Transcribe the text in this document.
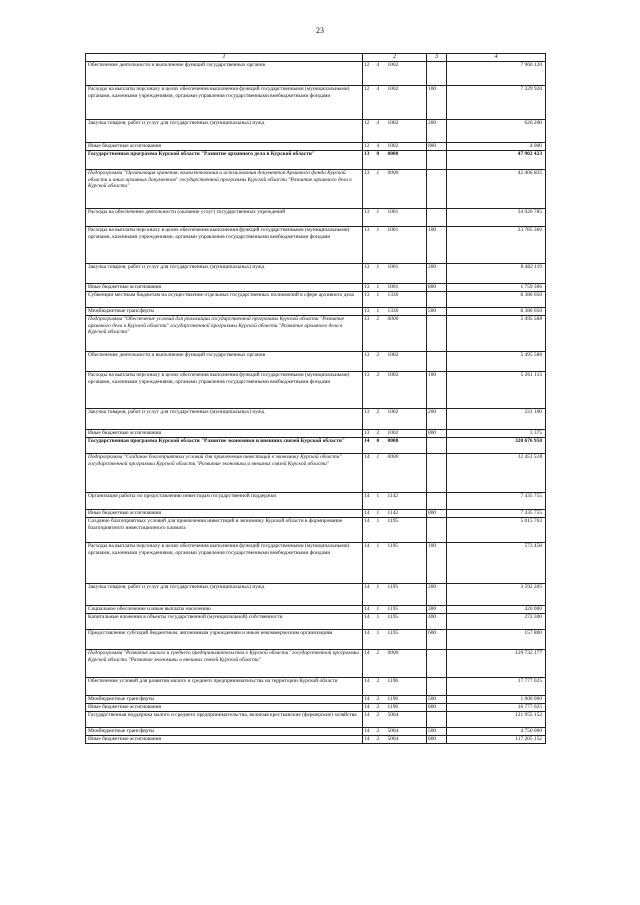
23
1	2			3	4
Обеспечение деятельности и выполнение функций государственных органов	12	4	1002		7 960 120
Расходы на выплаты персоналу в целях обеспечения выполнения функций государственными (муниципальными) органами, казенными учреждениями, органами управления государственными внебюджетными фондами	12	4	1002	100	7 329 920
Закупка товаров, работ и услуг для государственных (муниципальных) нужд	12	4	1002	200	626 200
Иные бюджетные ассигнования	12	4	1002	800	4 000
Государственная программа Курской области "Развитие архивного дела в Курской области"	13	0	0000		47 902 423
Подпрограмма "Организация хранения, комплектования и использования документов Архивного фонда Курской области и иных архивных документов" государственной программы Курской области "Развитие архивного дела в Курской области"	13	1	0000		42 406 835
Расходы на обеспечение деятельности (оказание услуг) государственных учреждений	13	1	1001		34 026 785
Расходы на выплаты персоналу в целях обеспечения выполнения функций государственными (муниципальными) органами, казенными учреждениями, органами управления государственными внебюджетными фондами	13	1	1001	100	23 785 360
Закупка товаров, работ и услуг для государственных (муниципальных) нужд	13	1	1001	200	8 482 119
Иные бюджетные ассигнования	13	1	1001	800	1 759 306
Субвенции местным бюджетам на осуществление отдельных государственных полномочий в сфере архивного дела	13	1	1336		8 380 050
Межбюджетные трансферты	13	1	1336	500	8 380 050
Подпрограмма "Обеспечение условий для реализации государственной программы Курской области "Развитие архивного дела в Курской области" государственной программы Курской области "Развитие архивного дела в Курской области"	13	2	0000		5 495 588
Обеспечение деятельности и выполнение функций государственных органов	13	2	1002		5 495 588
Расходы на выплаты персоналу в целях обеспечения выполнения функций государственными (муниципальными) органами, казенными учреждениями, органами управления государственными внебюджетными фондами	13	2	1002	100	5 261 113
Закупка товаров, работ и услуг для государственных (муниципальных) нужд	13	2	1002	200	231 100
Иные бюджетные ассигнования	13	2	1002	800	3 375
Государственная программа Курской области "Развитие экономики и внешних связей Курской области"	14	0	0000		320 676 958
Подпрограмма "Создание благоприятных условий для привлечения инвестиций в экономику Курской области" государственной программы Курской области "Развитие экономики и внешних связей Курской области"	14	1	0000		12 451 518
Организация работы по предоставлению инвесторам государственной поддержки	14	1	1142		7 435 755
Иные бюджетные ассигнования	14	1	1142	800	7 435 755
Создание благоприятных условий для привлечения инвестиций в экономику Курской области в формирование благоприятного инвестиционного климата	14	1	1195		5 015 763
Расходы на выплаты персоналу в целях обеспечения выполнения функций государственными (муниципальными) органами, казенными учреждениями, органами управления государственными внебюджетными фондами	14	1	1195	100	573 458
Закупка товаров, работ и услуг для государственных (муниципальных) нужд	14	1	1195	200	3 592 205
Социальное обеспечение и иные выплаты населению	14	1	1195	300	420 000
Капитальные вложения в объекты государственной (муниципальной) собственности	14	1	1195	400	272 300
Предоставление субсидий бюджетным, автономным учреждениям и иным некоммерческим организациям	14	1	1195	600	157 800
Подпрограмма "Развитие малого и среднего предпринимательства в Курской области" государственной программы Курской области "Развитие экономики и внешних связей Курской области"	14	2	0000		139 732 177
Обеспечение условий для развития малого и среднего предпринимательства на территории Курской области	14	2	1196		17 777 025
Межбюджетные трансферты	14	2	1196	500	1 000 000
Иные бюджетные ассигнования	14	2	1196	800	16 777 025
Государственная поддержка малого и среднего предпринимательства, включая крестьянские (фермерские) хозяйства	14	2	5064		121 955 152
Межбюджетные трансферты	14	2	5064	500	4 750 000
Иные бюджетные ассигнования	14	2	5064	800	117 205 152
